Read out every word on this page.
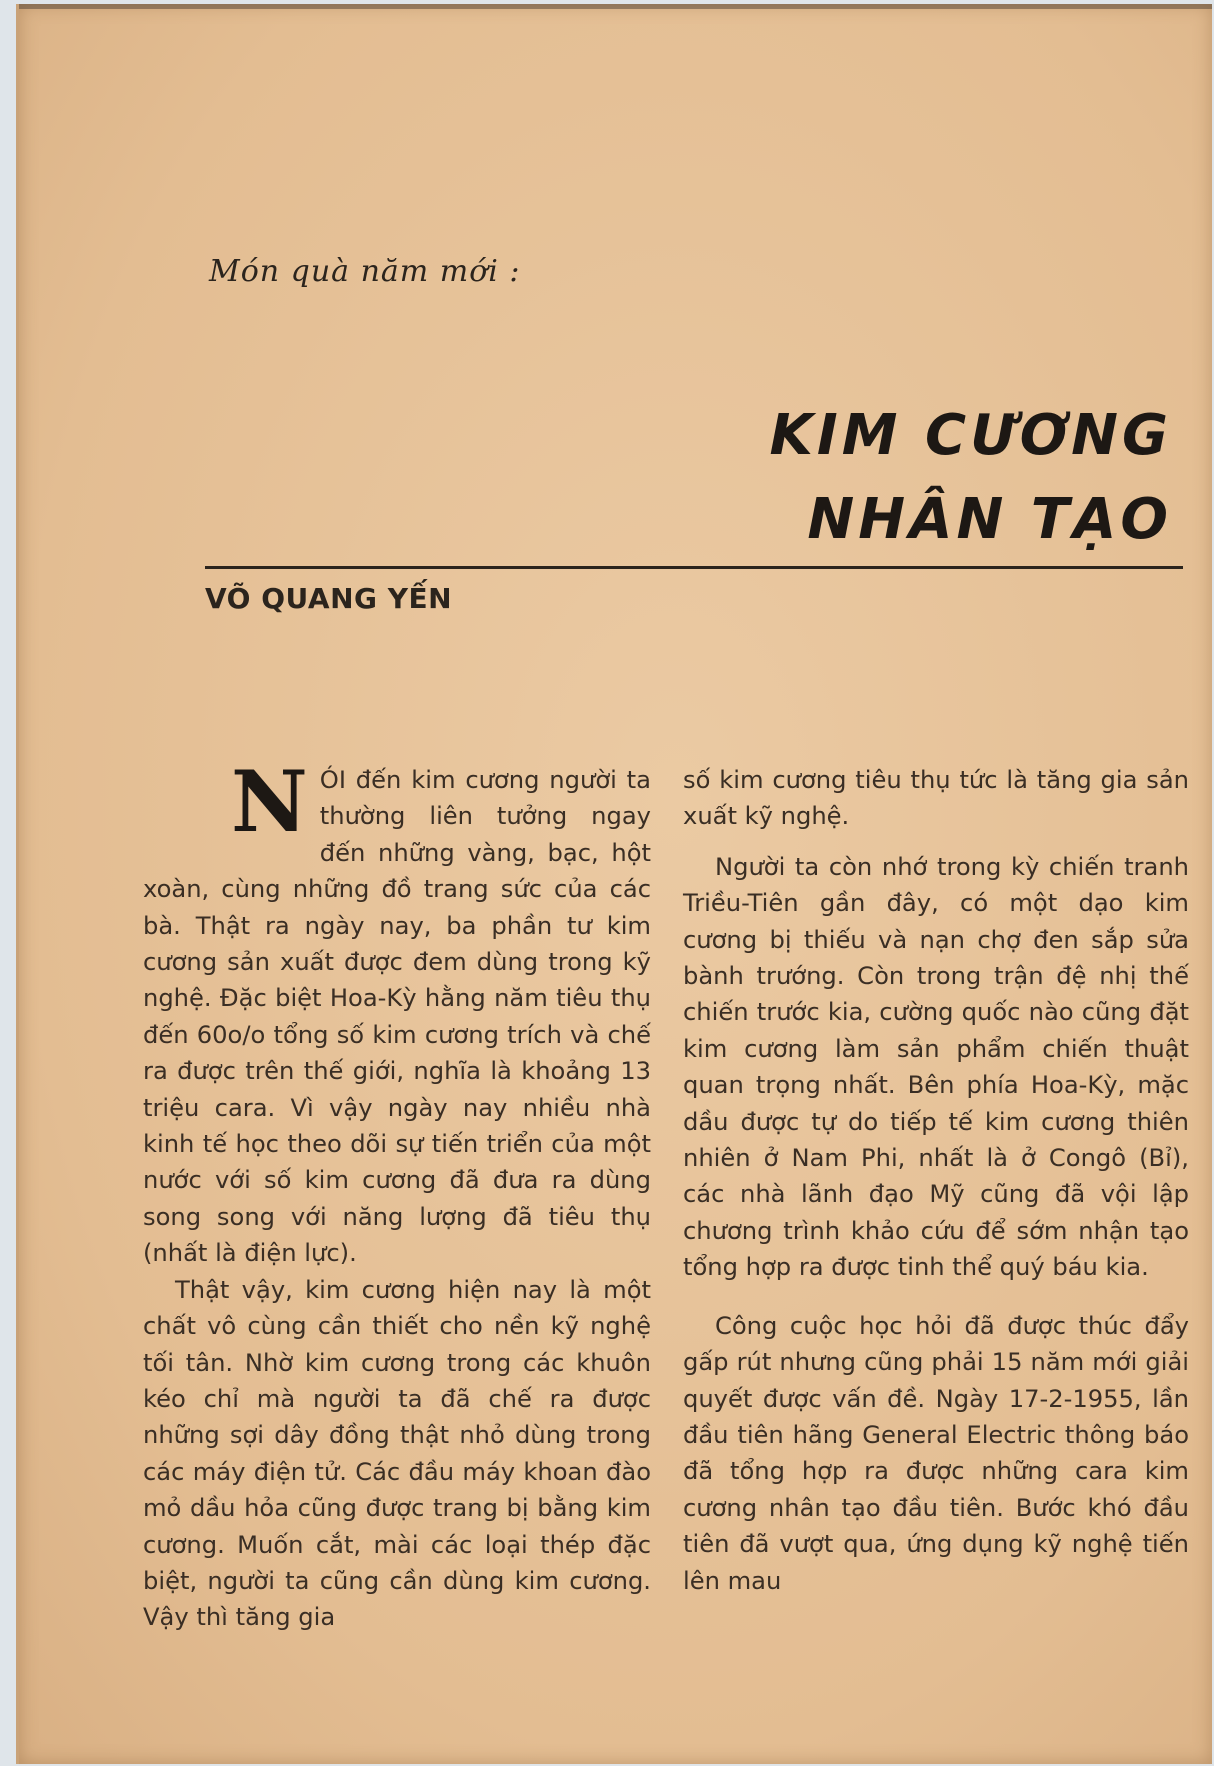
Món quà năm mới :
KIM CƯƠNG
NHÂN TẠO
VÕ QUANG YẾN

NÓI đến kim cương người ta thường liên tưởng ngay đến những vàng, bạc, hột xoàn, cùng những đồ trang sức của các bà. Thật ra ngày nay, ba phần tư kim cương sản xuất được đem dùng trong kỹ nghệ. Đặc biệt Hoa-Kỳ hằng năm tiêu thụ đến 60o/o tổng số kim cương trích và chế ra được trên thế giới, nghĩa là khoảng 13 triệu cara. Vì vậy ngày nay nhiều nhà kinh tế học theo dõi sự tiến triển của một nước với số kim cương đã đưa ra dùng song song với năng lượng đã tiêu thụ (nhất là điện lực).

Thật vậy, kim cương hiện nay là một chất vô cùng cần thiết cho nền kỹ nghệ tối tân. Nhờ kim cương trong các khuôn kéo chỉ mà người ta đã chế ra được những sợi dây đồng thật nhỏ dùng trong các máy điện tử. Các đầu máy khoan đào mỏ dầu hỏa cũng được trang bị bằng kim cương. Muốn cắt, mài các loại thép đặc biệt, người ta cũng cần dùng kim cương. Vậy thì tăng gia

số kim cương tiêu thụ tức là tăng gia sản xuất kỹ nghệ.

Người ta còn nhớ trong kỳ chiến tranh Triều-Tiên gần đây, có một dạo kim cương bị thiếu và nạn chợ đen sắp sửa bành trướng. Còn trong trận đệ nhị thế chiến trước kia, cường quốc nào cũng đặt kim cương làm sản phẩm chiến thuật quan trọng nhất. Bên phía Hoa-Kỳ, mặc dầu được tự do tiếp tế kim cương thiên nhiên ở Nam Phi, nhất là ở Congô (Bỉ), các nhà lãnh đạo Mỹ cũng đã vội lập chương trình khảo cứu để sớm nhận tạo tổng hợp ra được tinh thể quý báu kia.

Công cuộc học hỏi đã được thúc đẩy gấp rút nhưng cũng phải 15 năm mới giải quyết được vấn đề. Ngày 17-2-1955, lần đầu tiên hãng General Electric thông báo đã tổng hợp ra được những cara kim cương nhân tạo đầu tiên. Bước khó đầu tiên đã vượt qua, ứng dụng kỹ nghệ tiến lên mau
